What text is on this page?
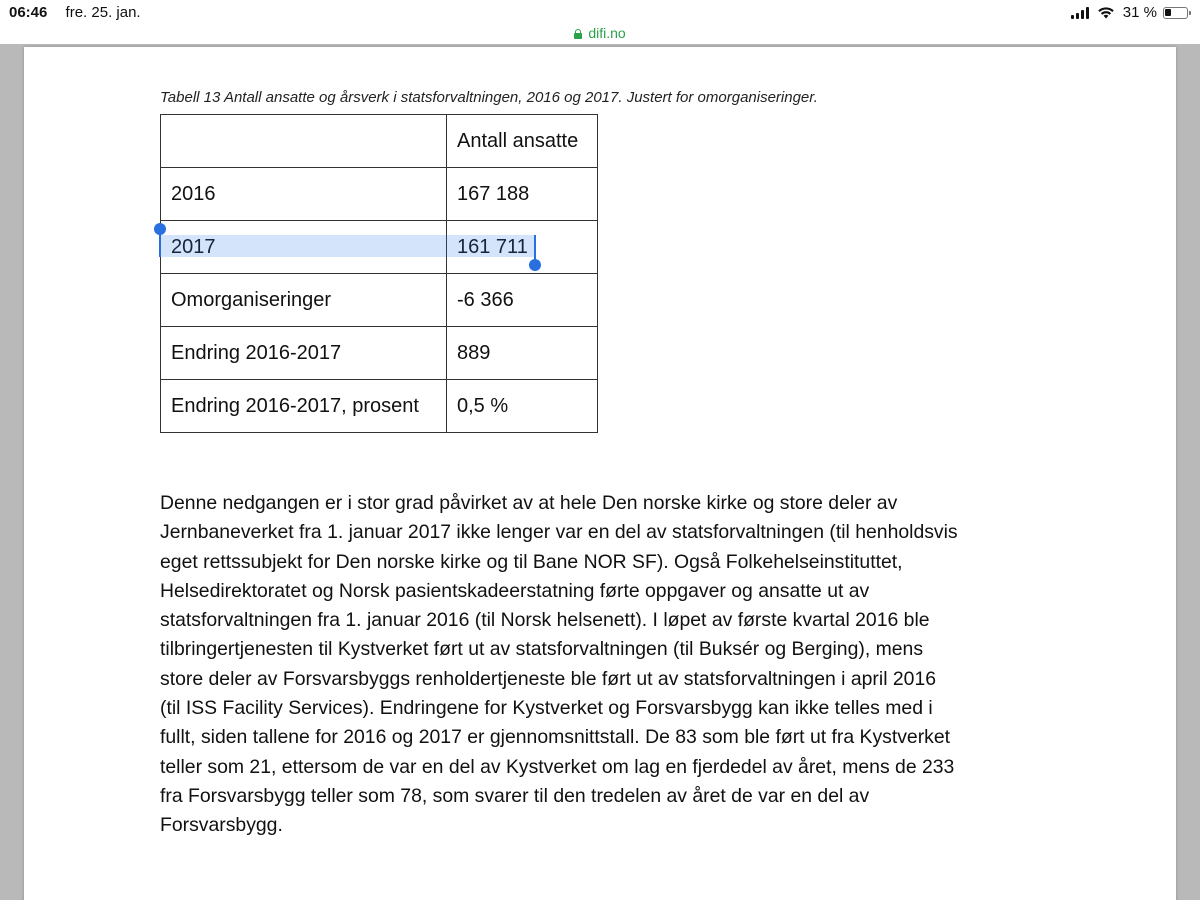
06:46 fre. 25. jan.	31 %
difi.no
Tabell 13 Antall ansatte og årsverk i statsforvaltningen, 2016 og 2017. Justert for omorganiseringer.
	Antall ansatte
2016	167 188
2017	161 711
Omorganiseringer	-6 366
Endring 2016-2017	889
Endring 2016-2017, prosent	0,5 %
Denne nedgangen er i stor grad påvirket av at hele Den norske kirke og store deler av
Jernbaneverket fra 1. januar 2017 ikke lenger var en del av statsforvaltningen (til henholdsvis
eget rettssubjekt for Den norske kirke og til Bane NOR SF). Også Folkehelseinstituttet,
Helsedirektoratet og Norsk pasientskadeerstatning førte oppgaver og ansatte ut av
statsforvaltningen fra 1. januar 2016 (til Norsk helsenett). I løpet av første kvartal 2016 ble
tilbringertjenesten til Kystverket ført ut av statsforvaltningen (til Buksér og Berging), mens
store deler av Forsvarsbyggs renholdertjeneste ble ført ut av statsforvaltningen i april 2016
(til ISS Facility Services). Endringene for Kystverket og Forsvarsbygg kan ikke telles med i
fullt, siden tallene for 2016 og 2017 er gjennomsnittstall. De 83 som ble ført ut fra Kystverket
teller som 21, ettersom de var en del av Kystverket om lag en fjerdedel av året, mens de 233
fra Forsvarsbygg teller som 78, som svarer til den tredelen av året de var en del av
Forsvarsbygg.
